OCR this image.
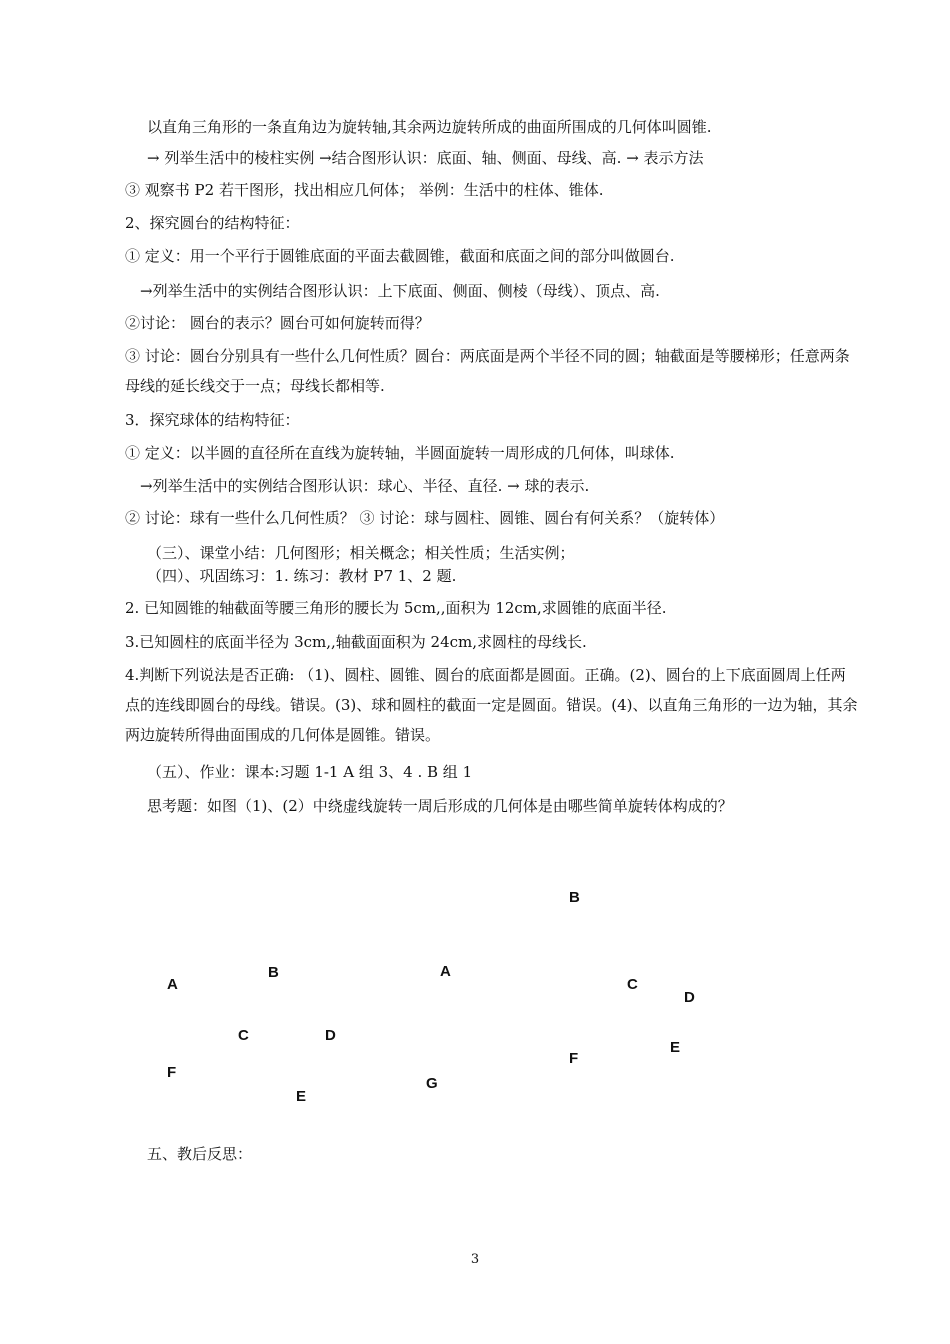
以直角三角形的一条直角边为旋转轴,其余两边旋转所成的曲面所围成的几何体叫圆锥.
→ 列举生活中的棱柱实例 →结合图形认识：底面、轴、侧面、母线、高. → 表示方法
③ 观察书 P2 若干图形，找出相应几何体； 举例：生活中的柱体、锥体.
2、探究圆台的结构特征：
① 定义：用一个平行于圆锥底面的平面去截圆锥，截面和底面之间的部分叫做圆台.
→列举生活中的实例结合图形认识：上下底面、侧面、侧棱（母线）、顶点、高.
②讨论： 圆台的表示？圆台可如何旋转而得？
③ 讨论：圆台分别具有一些什么几何性质？圆台：两底面是两个半径不同的圆；轴截面是等腰梯形；任意两条母线的延长线交于一点；母线长都相等.
3．探究球体的结构特征：
① 定义：以半圆的直径所在直线为旋转轴，半圆面旋转一周形成的几何体，叫球体.
→列举生活中的实例结合图形认识：球心、半径、直径. → 球的表示.
② 讨论：球有一些什么几何性质？ ③ 讨论：球与圆柱、圆锥、圆台有何关系？（旋转体）
（三）、课堂小结：几何图形；相关概念；相关性质；生活实例；
（四）、巩固练习：1. 练习：教材 P7 1、2 题.
2. 已知圆锥的轴截面等腰三角形的腰长为 5cm,,面积为 12cm,求圆锥的底面半径.
3.已知圆柱的底面半径为 3cm,,轴截面面积为 24cm,求圆柱的母线长.
4.判断下列说法是否正确: （1)、圆柱、圆锥、圆台的底面都是圆面。正确。(2)、圆台的上下底面圆周上任两点的连线即圆台的母线。错误。(3)、球和圆柱的截面一定是圆面。错误。(4)、以直角三角形的一边为轴，其余两边旋转所得曲面围成的几何体是圆锥。错误。
（五）、作业：课本:习题 1-1 A 组 3、4 . B 组 1
思考题：如图（1)、(2）中绕虚线旋转一周后形成的几何体是由哪些简单旋转体构成的？
B
A
B
A	C
D
C	D
E
F
F
G
E
五、教后反思：
3
